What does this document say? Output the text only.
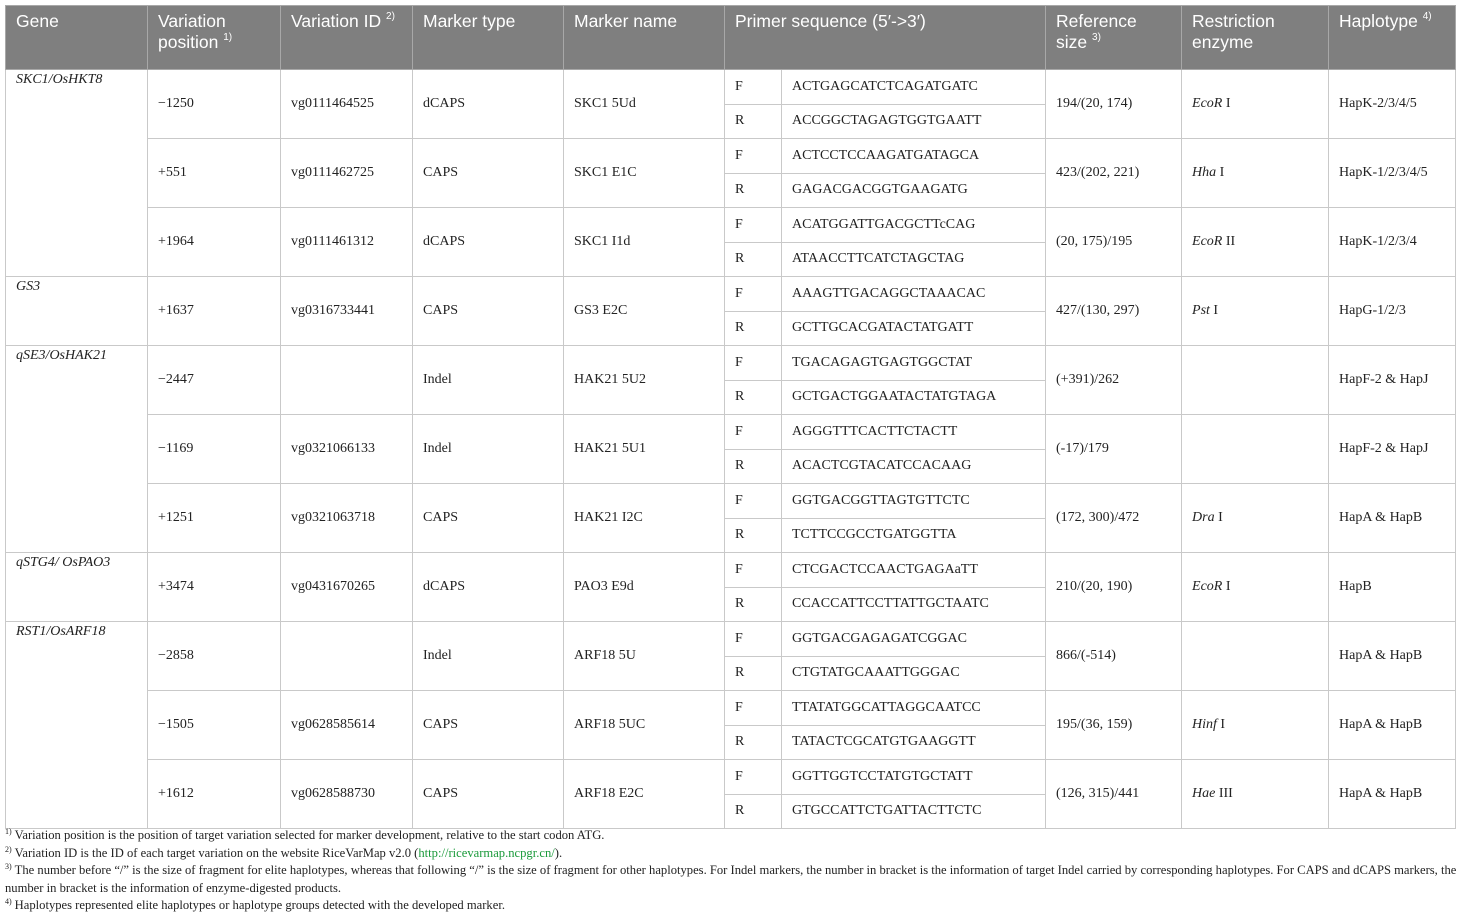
Gene	Variation position $^{1)}$	Variation ID $^{2)}$	Marker type	Marker name	Primer sequence (5′->3′)		Reference size $^{3)}$	Restriction enzyme	Haplotype $^{4)}$
SKC1/OsHKT8	−1250	vg0111464525	dCAPS	SKC1 5Ud	F	ACTGAGCATCTCAGATGATC	194/(20, 174)	EcoR I	HapK-2/3/4/5
					R	ACCGGCTAGAGTGGTGAATT			
	+551	vg0111462725	CAPS	SKC1 E1C	F	ACTCCTCCAAGATGATAGCA	423/(202, 221)	Hha I	HapK-1/2/3/4/5
					R	GAGACGACGGTGAAGATG			
	+1964	vg0111461312	dCAPS	SKC1 I1d	F	ACATGGATTGACGCTTcCAG	(20, 175)/195	EcoR II	HapK-1/2/3/4
					R	ATAACCTTCATCTAGCTAG			
GS3	+1637	vg0316733441	CAPS	GS3 E2C	F	AAAGTTGACAGGCTAAACAC	427/(130, 297)	Pst I	HapG-1/2/3
					R	GCTTGCACGATACTATGATT			
qSE3/OsHAK21	−2447		Indel	HAK21 5U2	F	TGACAGAGTGAGTGGCTAT	(+391)/262		HapF-2 & HapJ
					R	GCTGACTGGAATACTATGTAGA			
	−1169	vg0321066133	Indel	HAK21 5U1	F	AGGGTTTCACTTCTACTT	(-17)/179		HapF-2 & HapJ
					R	ACACTCGTACATCCACAAG			
	+1251	vg0321063718	CAPS	HAK21 I2C	F	GGTGACGGTTAGTGTTCTC	(172, 300)/472	Dra I	HapA & HapB
					R	TCTTCCGCCTGATGGTTA			
qSTG4/ OsPAO3	+3474	vg0431670265	dCAPS	PAO3 E9d	F	CTCGACTCCAACTGAGAaTT	210/(20, 190)	EcoR I	HapB
					R	CCACCATTCCTTATTGCTAATC			
RST1/OsARF18	−2858		Indel	ARF18 5U	F	GGTGACGAGAGATCGGAC	866/(-514)		HapA & HapB
					R	CTGTATGCAAATTGGGAC			
	−1505	vg0628585614	CAPS	ARF18 5UC	F	TTATATGGCATTAGGCAATCC	195/(36, 159)	Hinf I	HapA & HapB
					R	TATACTCGCATGTGAAGGTT			
	+1612	vg0628588730	CAPS	ARF18 E2C	F	GGTTGGTCCTATGTGCTATT	(126, 315)/441	Hae III	HapA & HapB
					R	GTGCCATTCTGATTACTTCTC			

$^{1)}$ Variation position is the position of target variation selected for marker development, relative to the start codon ATG.

$^{2)}$ Variation ID is the ID of each target variation on the website RiceVarMap v2.0 (http://ricevarmap.ncpgr.cn/).

$^{3)}$ The number before “/” is the size of fragment for elite haplotypes, whereas that following “/” is the size of fragment for other haplotypes. For Indel markers, the number in bracket is the information of target Indel carried by corresponding haplotypes. For CAPS and dCAPS markers, the number in bracket is the information of enzyme-digested products.

$^{4)}$ Haplotypes represented elite haplotypes or haplotype groups detected with the developed marker.
